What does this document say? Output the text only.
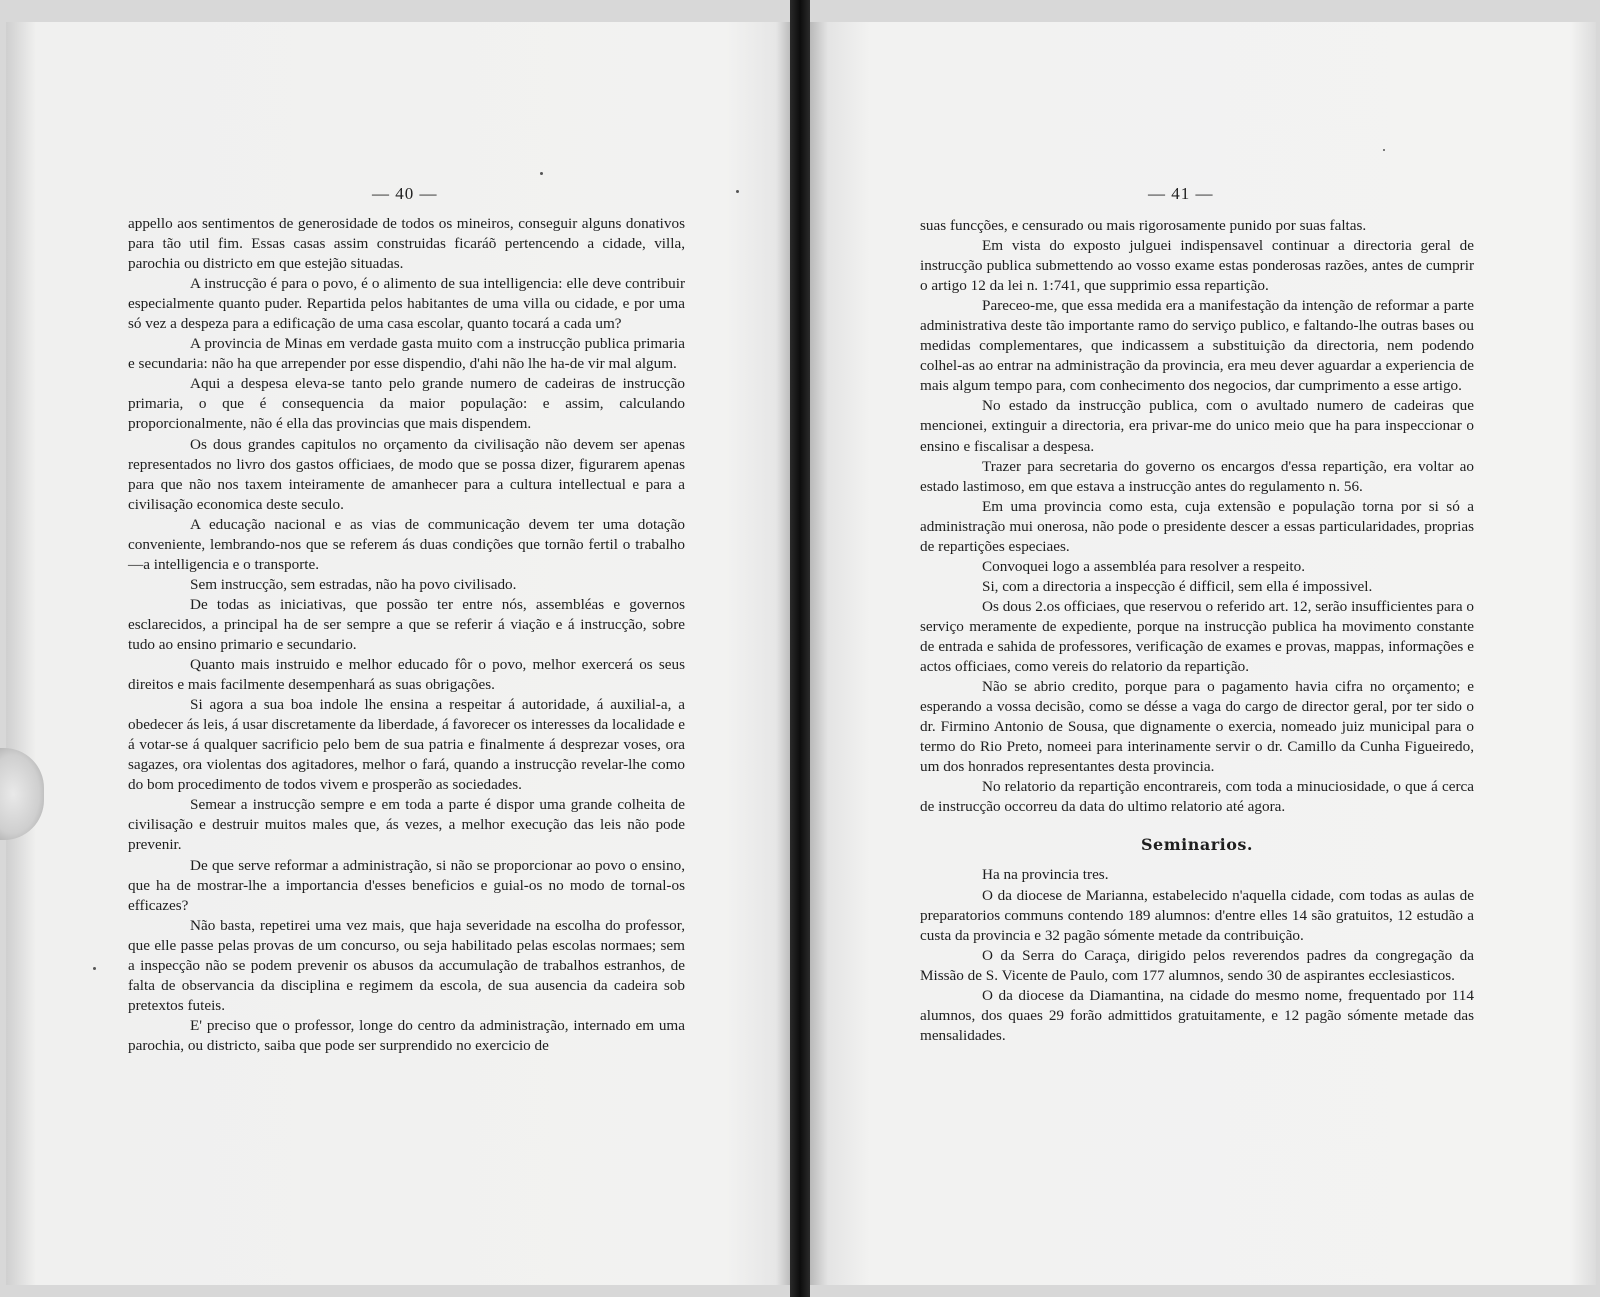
— 40 —

appello aos sentimentos de generosidade de todos os mineiros, conseguir alguns donativos para tão util fim. Essas casas assim construidas ficaráõ pertencendo a cidade, villa, parochia ou districto em que estejão situadas.

A instrucção é para o povo, é o alimento de sua intelligencia: elle deve contribuir especialmente quanto puder. Repartida pelos habitantes de uma villa ou cidade, e por uma só vez a despeza para a edificação de uma casa escolar, quanto tocará a cada um?

A provincia de Minas em verdade gasta muito com a instrucção publica primaria e secundaria: não ha que arrepender por esse dispendio, d'ahi não lhe ha-de vir mal algum.

Aqui a despesa eleva-se tanto pelo grande numero de cadeiras de instrucção primaria, o que é consequencia da maior população: e assim, calculando proporcionalmente, não é ella das provincias que mais dispendem.

Os dous grandes capitulos no orçamento da civilisação não devem ser apenas representados no livro dos gastos officiaes, de modo que se possa dizer, figurarem apenas para que não nos taxem inteiramente de amanhecer para a cultura intellectual e para a civilisação economica deste seculo.

A educação nacional e as vias de communicação devem ter uma dotação conveniente, lembrando-nos que se referem ás duas condições que tornão fertil o trabalho—a intelligencia e o transporte.

Sem instrucção, sem estradas, não ha povo civilisado.

De todas as iniciativas, que possão ter entre nós, assembléas e governos esclarecidos, a principal ha de ser sempre a que se referir á viação e á instrucção, sobre tudo ao ensino primario e secundario.

Quanto mais instruido e melhor educado fôr o povo, melhor exercerá os seus direitos e mais facilmente desempenhará as suas obrigações.

Si agora a sua boa indole lhe ensina a respeitar á autoridade, á auxilial-a, a obedecer ás leis, á usar discretamente da liberdade, á favorecer os interesses da localidade e á votar-se á qualquer sacrificio pelo bem de sua patria e finalmente á desprezar voses, ora sagazes, ora violentas dos agitadores, melhor o fará, quando a instrucção revelar-lhe como do bom procedimento de todos vivem e prosperão as sociedades.

Semear a instrucção sempre e em toda a parte é dispor uma grande colheita de civilisação e destruir muitos males que, ás vezes, a melhor execução das leis não pode prevenir.

De que serve reformar a administração, si não se proporcionar ao povo o ensino, que ha de mostrar-lhe a importancia d'esses beneficios e guial-os no modo de tornal-os efficazes?

Não basta, repetirei uma vez mais, que haja severidade na escolha do professor, que elle passe pelas provas de um concurso, ou seja habilitado pelas escolas normaes; sem a inspecção não se podem prevenir os abusos da accumulação de trabalhos estranhos, de falta de observancia da disciplina e regimem da escola, de sua ausencia da cadeira sob pretextos futeis.

E' preciso que o professor, longe do centro da administração, internado em uma parochia, ou districto, saiba que pode ser surprendido no exercicio de

— 41 —

suas funcções, e censurado ou mais rigorosamente punido por suas faltas.

Em vista do exposto julguei indispensavel continuar a directoria geral de instrucção publica submettendo ao vosso exame estas ponderosas razões, antes de cumprir o artigo 12 da lei n. 1:741, que supprimio essa repartição.

Pareceo-me, que essa medida era a manifestação da intenção de reformar a parte administrativa deste tão importante ramo do serviço publico, e faltando-lhe outras bases ou medidas complementares, que indicassem a substituição da directoria, nem podendo colhel-as ao entrar na administração da provincia, era meu dever aguardar a experiencia de mais algum tempo para, com conhecimento dos negocios, dar cumprimento a esse artigo.

No estado da instrucção publica, com o avultado numero de cadeiras que mencionei, extinguir a directoria, era privar-me do unico meio que ha para inspeccionar o ensino e fiscalisar a despesa.

Trazer para secretaria do governo os encargos d'essa repartição, era voltar ao estado lastimoso, em que estava a instrucção antes do regulamento n. 56.

Em uma provincia como esta, cuja extensão e população torna por si só a administração mui onerosa, não pode o presidente descer a essas particularidades, proprias de repartições especiaes.

Convoquei logo a assembléa para resolver a respeito.

Si, com a directoria a inspecção é difficil, sem ella é impossivel.

Os dous 2.os officiaes, que reservou o referido art. 12, serão insufficientes para o serviço meramente de expediente, porque na instrucção publica ha movimento constante de entrada e sahida de professores, verificação de exames e provas, mappas, informações e actos officiaes, como vereis do relatorio da repartição.

Não se abrio credito, porque para o pagamento havia cifra no orçamento; e esperando a vossa decisão, como se désse a vaga do cargo de director geral, por ter sido o dr. Firmino Antonio de Sousa, que dignamente o exercia, nomeado juiz municipal para o termo do Rio Preto, nomeei para interinamente servir o dr. Camillo da Cunha Figueiredo, um dos honrados representantes desta provincia.

No relatorio da repartição encontrareis, com toda a minuciosidade, o que á cerca de instrucção occorreu da data do ultimo relatorio até agora.

Seminarios.

Ha na provincia tres.

O da diocese de Marianna, estabelecido n'aquella cidade, com todas as aulas de preparatorios communs contendo 189 alumnos: d'entre elles 14 são gratuitos, 12 estudão a custa da provincia e 32 pagão sómente metade da contribuição.

O da Serra do Caraça, dirigido pelos reverendos padres da congregação da Missão de S. Vicente de Paulo, com 177 alumnos, sendo 30 de aspirantes ecclesiasticos.

O da diocese da Diamantina, na cidade do mesmo nome, frequentado por 114 alumnos, dos quaes 29 forão admittidos gratuitamente, e 12 pagão sómente metade das mensalidades.
